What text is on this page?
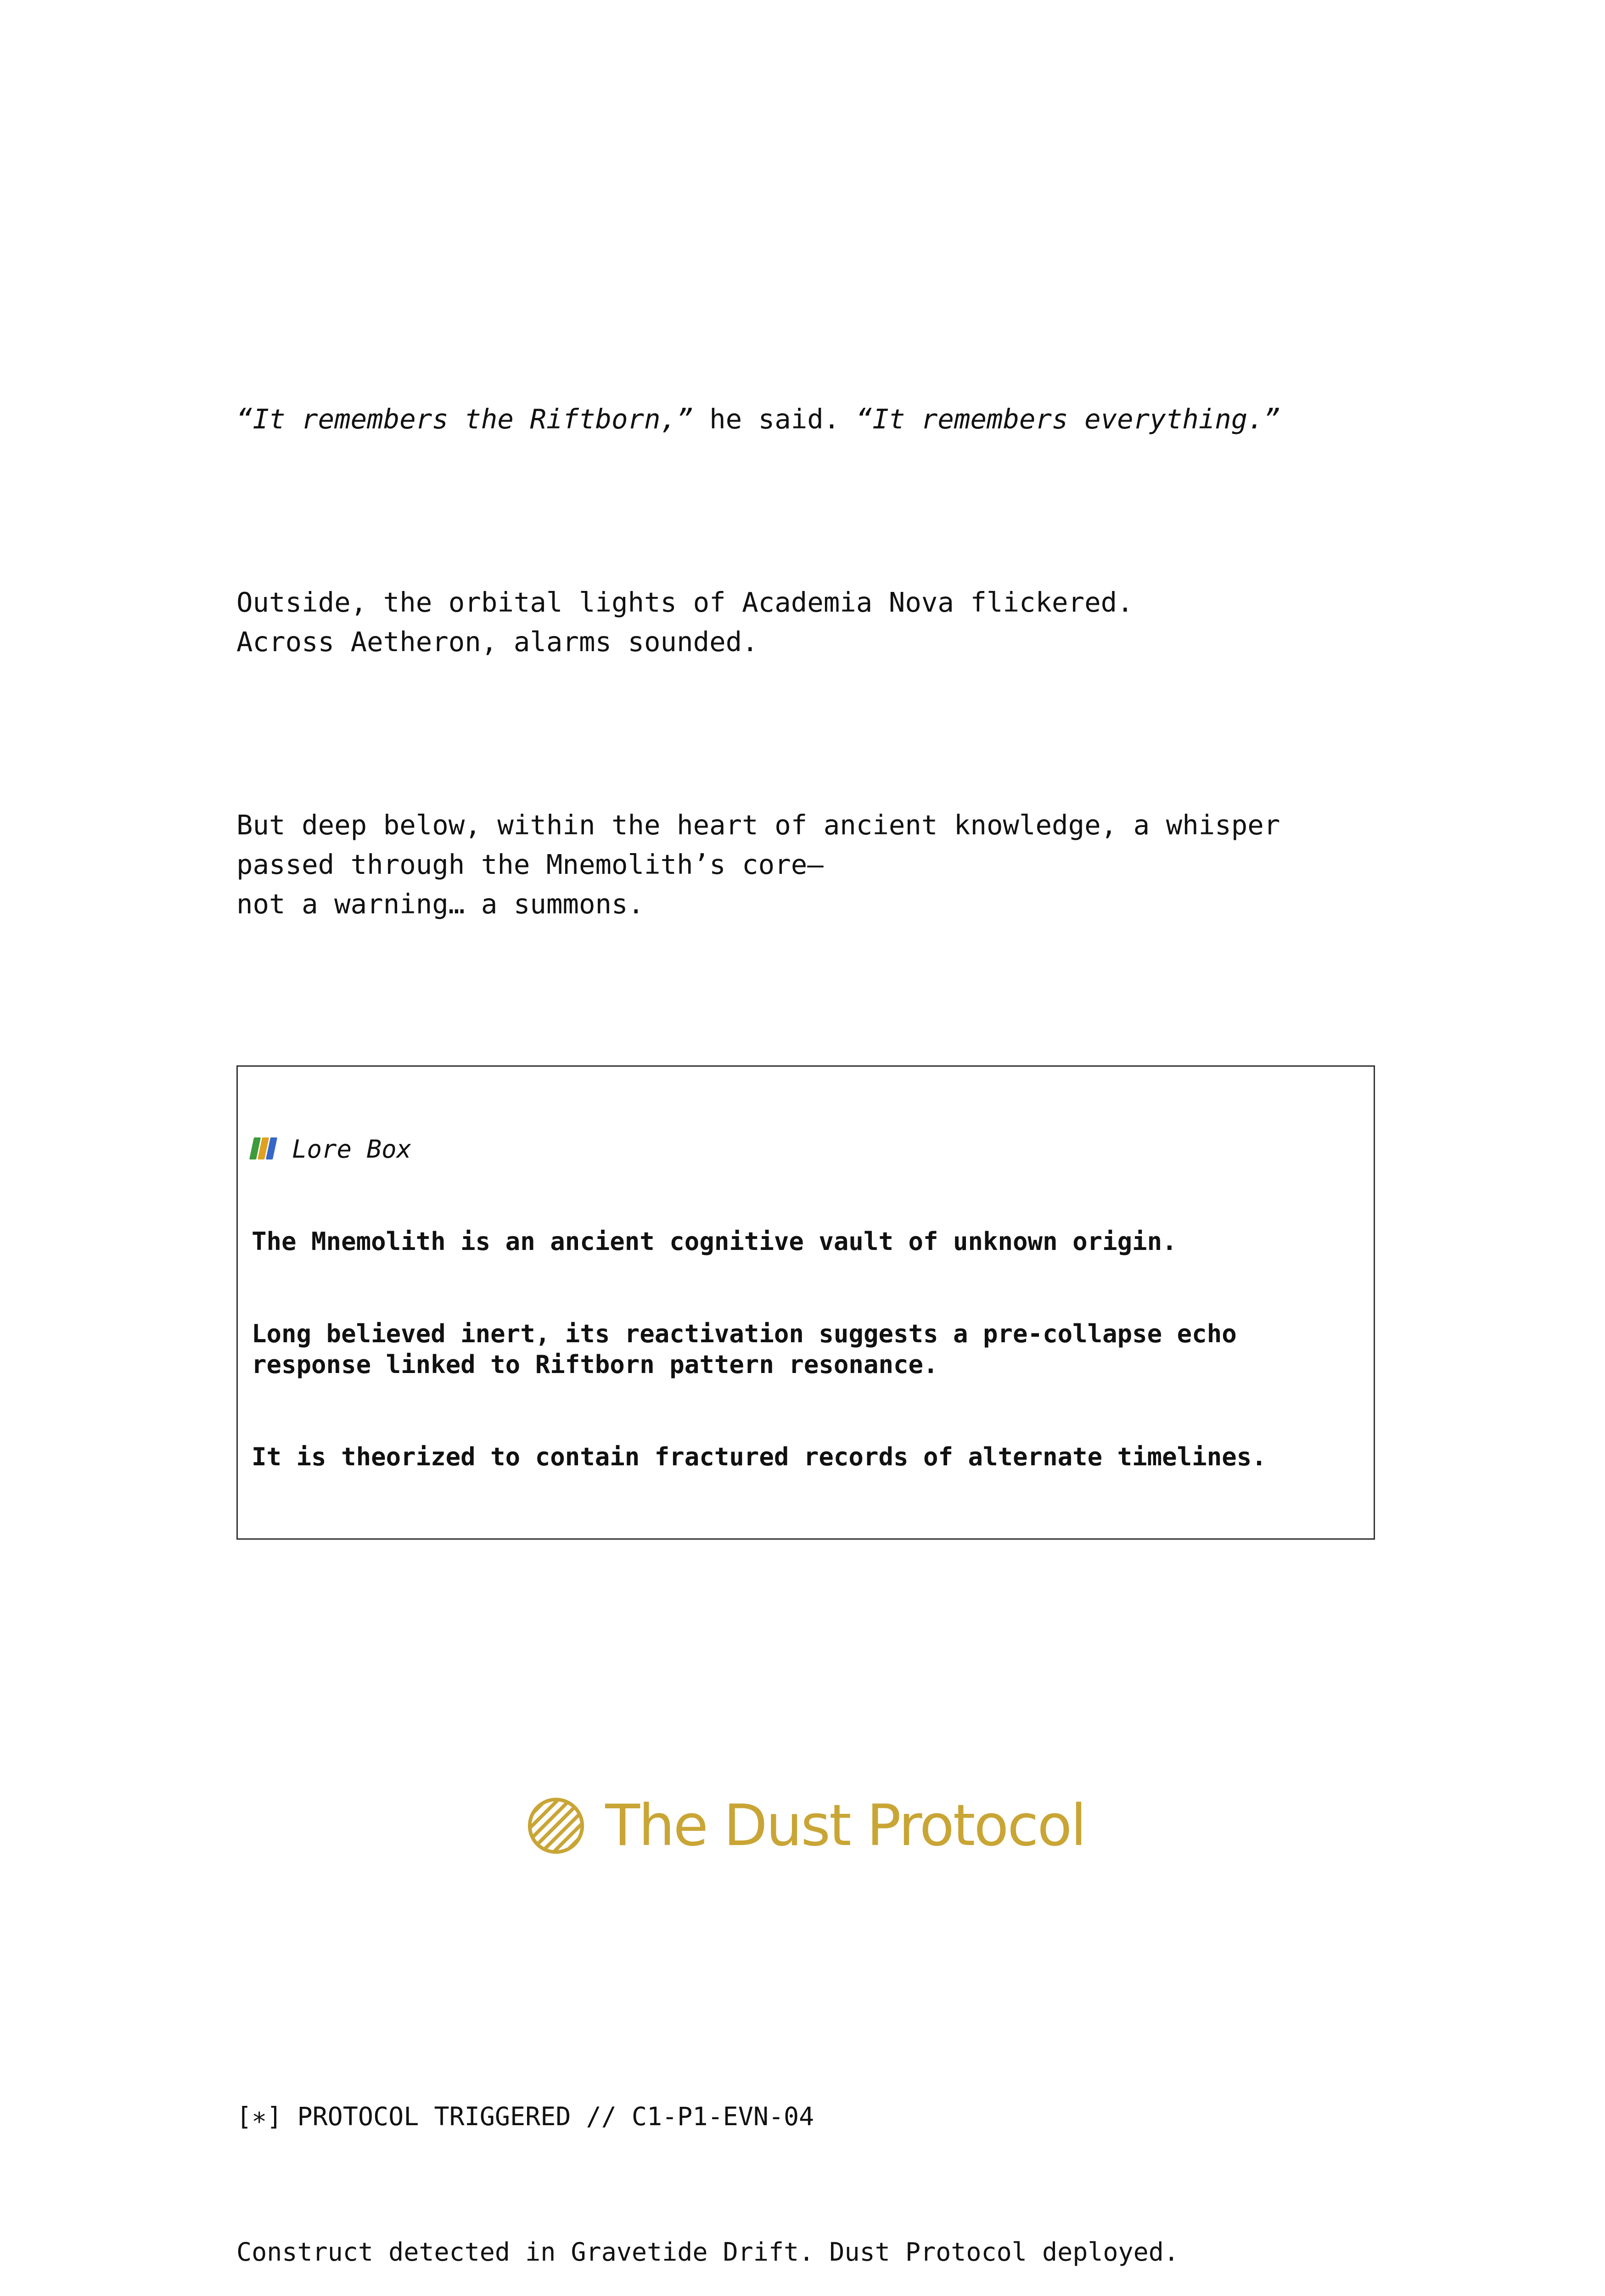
“It remembers the Riftborn,” he said. “It remembers everything.”

Outside, the orbital lights of Academia Nova flickered.
Across Aetheron, alarms sounded.

But deep below, within the heart of ancient knowledge, a whisper passed through the Mnemolith’s core—
not a warning… a summons.

Lore Box

The Mnemolith is an ancient cognitive vault of unknown origin.

Long believed inert, its reactivation suggests a pre-collapse echo response linked to Riftborn pattern resonance.

It is theorized to contain fractured records of alternate timelines.

The Dust Protocol

[∗] PROTOCOL TRIGGERED // C1-P1-EVN-04

Construct detected in Gravetide Drift. Dust Protocol deployed.
